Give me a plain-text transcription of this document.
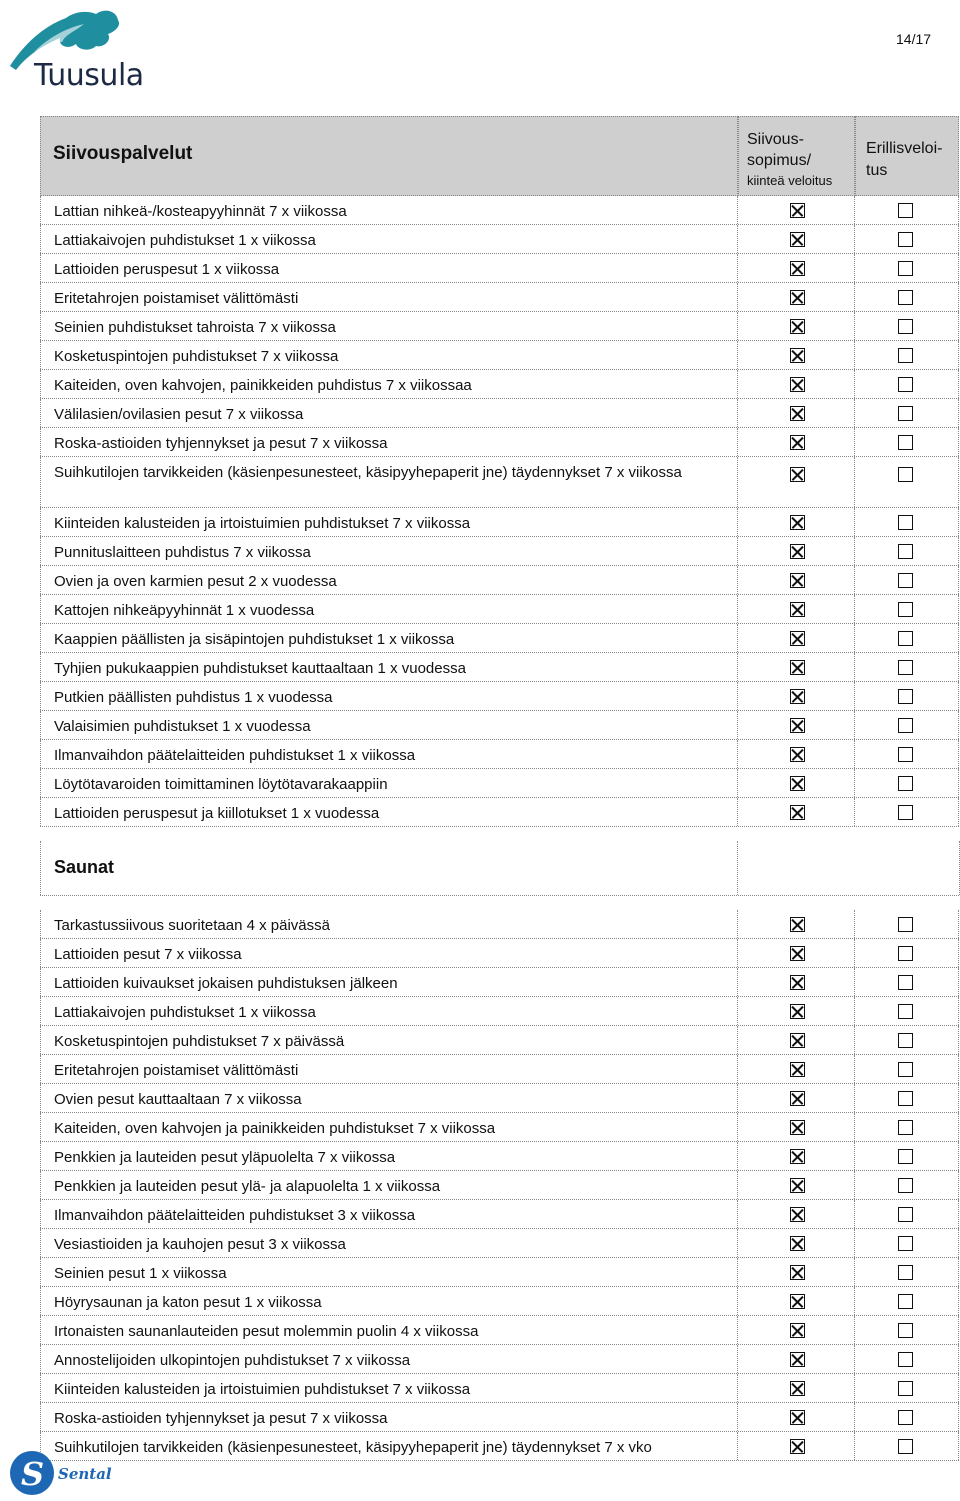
Tuusula
14/17
Siivouspalvelut
Siivous-
sopimus/
kiinteä veloitus
Erillisveloi-
tus
Lattian nihkeä-/kosteapyyhinnät 7 x viikossa
Lattiakaivojen puhdistukset 1 x viikossa
Lattioiden peruspesut 1 x viikossa
Eritetahrojen poistamiset välittömästi
Seinien puhdistukset tahroista 7 x viikossa
Kosketuspintojen puhdistukset 7 x viikossa
Kaiteiden, oven kahvojen, painikkeiden puhdistus 7 x viikossaa
Välilasien/ovilasien pesut 7 x viikossa
Roska-astioiden tyhjennykset ja pesut 7 x viikossa
Suihkutilojen tarvikkeiden (käsienpesunesteet, käsipyyhepaperit jne) täydennykset 7 x viikossa
Kiinteiden kalusteiden ja irtoistuimien puhdistukset 7 x viikossa
Punnituslaitteen puhdistus 7 x viikossa
Ovien ja oven karmien pesut 2 x vuodessa
Kattojen nihkeäpyyhinnät 1 x vuodessa
Kaappien päällisten ja sisäpintojen puhdistukset 1 x viikossa
Tyhjien pukukaappien puhdistukset kauttaaltaan 1 x vuodessa
Putkien päällisten puhdistus 1 x vuodessa
Valaisimien puhdistukset 1 x vuodessa
Ilmanvaihdon päätelaitteiden puhdistukset 1 x viikossa
Löytötavaroiden toimittaminen löytötavarakaappiin
Lattioiden peruspesut ja kiillotukset 1 x vuodessa
Saunat
Tarkastussiivous suoritetaan 4 x päivässä
Lattioiden pesut 7 x viikossa
Lattioiden kuivaukset jokaisen puhdistuksen jälkeen
Lattiakaivojen puhdistukset 1 x viikossa
Kosketuspintojen puhdistukset 7 x päivässä
Eritetahrojen poistamiset välittömästi
Ovien pesut kauttaaltaan 7 x viikossa
Kaiteiden, oven kahvojen ja painikkeiden puhdistukset 7 x viikossa
Penkkien ja lauteiden pesut yläpuolelta 7 x viikossa
Penkkien ja lauteiden pesut ylä- ja alapuolelta 1 x viikossa
Ilmanvaihdon päätelaitteiden puhdistukset 3 x viikossa
Vesiastioiden ja kauhojen pesut 3 x viikossa
Seinien pesut 1 x viikossa
Höyrysaunan ja katon pesut 1 x viikossa
Irtonaisten saunanlauteiden pesut molemmin puolin 4 x viikossa
Annostelijoiden ulkopintojen puhdistukset 7 x viikossa
Kiinteiden kalusteiden ja irtoistuimien puhdistukset 7 x viikossa
Roska-astioiden tyhjennykset ja pesut 7 x viikossa
Suihkutilojen tarvikkeiden (käsienpesunesteet, käsipyyhepaperit jne) täydennykset 7 x vko
S Sental
